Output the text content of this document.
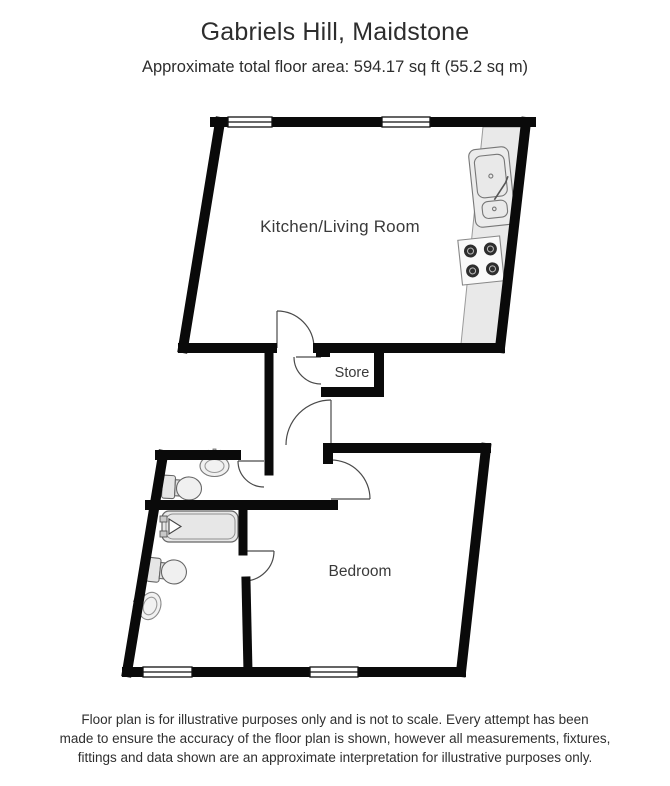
Gabriels Hill, Maidstone
Approximate total floor area: 594.17 sq ft (55.2 sq m)
Kitchen/Living Room
Store
Bedroom
Floor plan is for illustrative purposes only and is not to scale. Every attempt has been
made to ensure the accuracy of the floor plan is shown, however all measurements, fixtures,
fittings and data shown are an approximate interpretation for illustrative purposes only.
